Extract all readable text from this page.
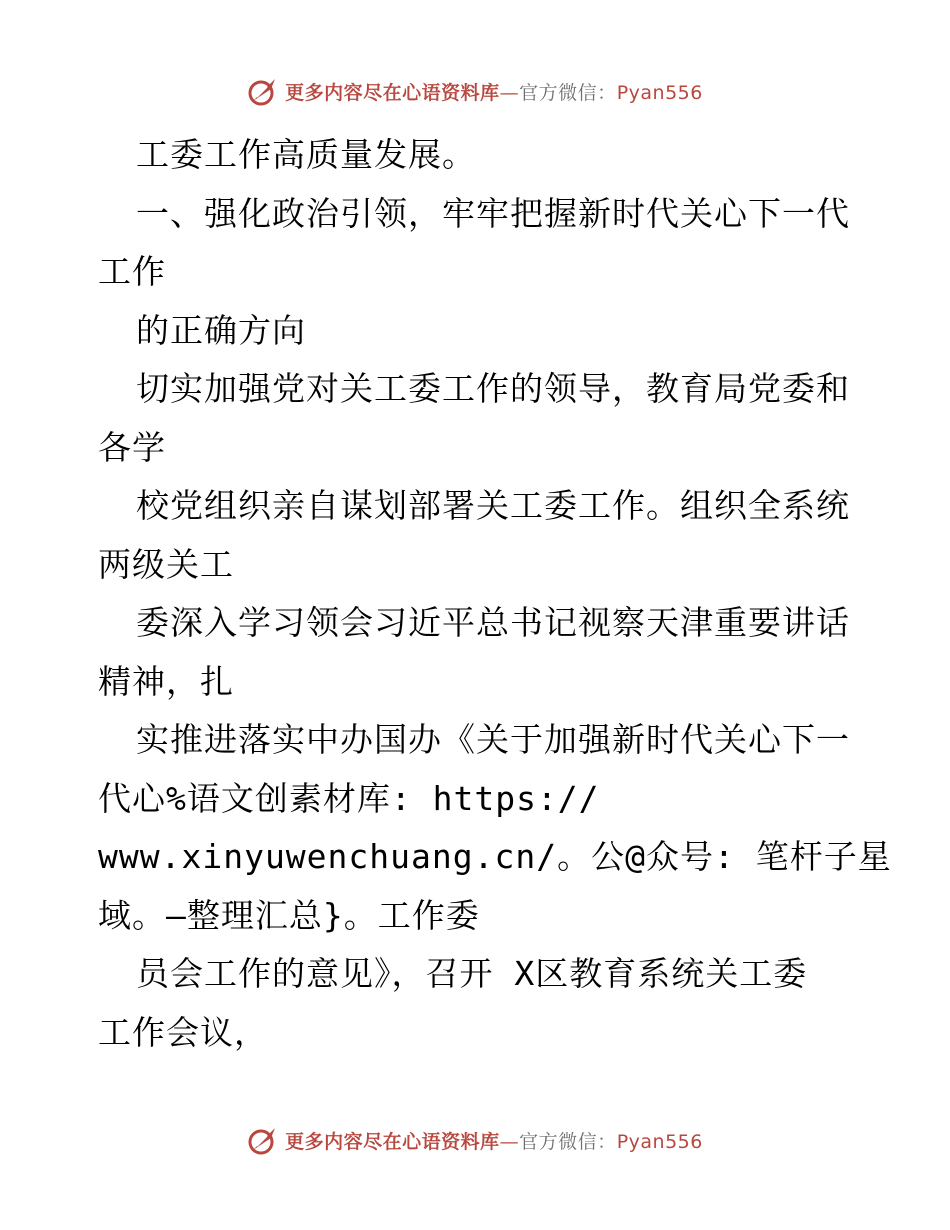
更多内容尽在心语资料库—官方微信：Pyan556
工委工作高质量发展。
一、强化政治引领，牢牢把握新时代关心下一代
工作
的正确方向
切实加强党对关工委工作的领导，教育局党委和
各学
校党组织亲自谋划部署关工委工作。组织全系统
两级关工
委深入学习领会习近平总书记视察天津重要讲话
精神，扎
实推进落实中办国办《关于加强新时代关心下一
代心%语文创素材库: https://
www.xinyuwenchuang.cn/。公@众号: 笔杆子星
域。—整理汇总}。工作委
员会工作的意见》，召开 X区教育系统关工委
工作会议，
更多内容尽在心语资料库—官方微信：Pyan556
